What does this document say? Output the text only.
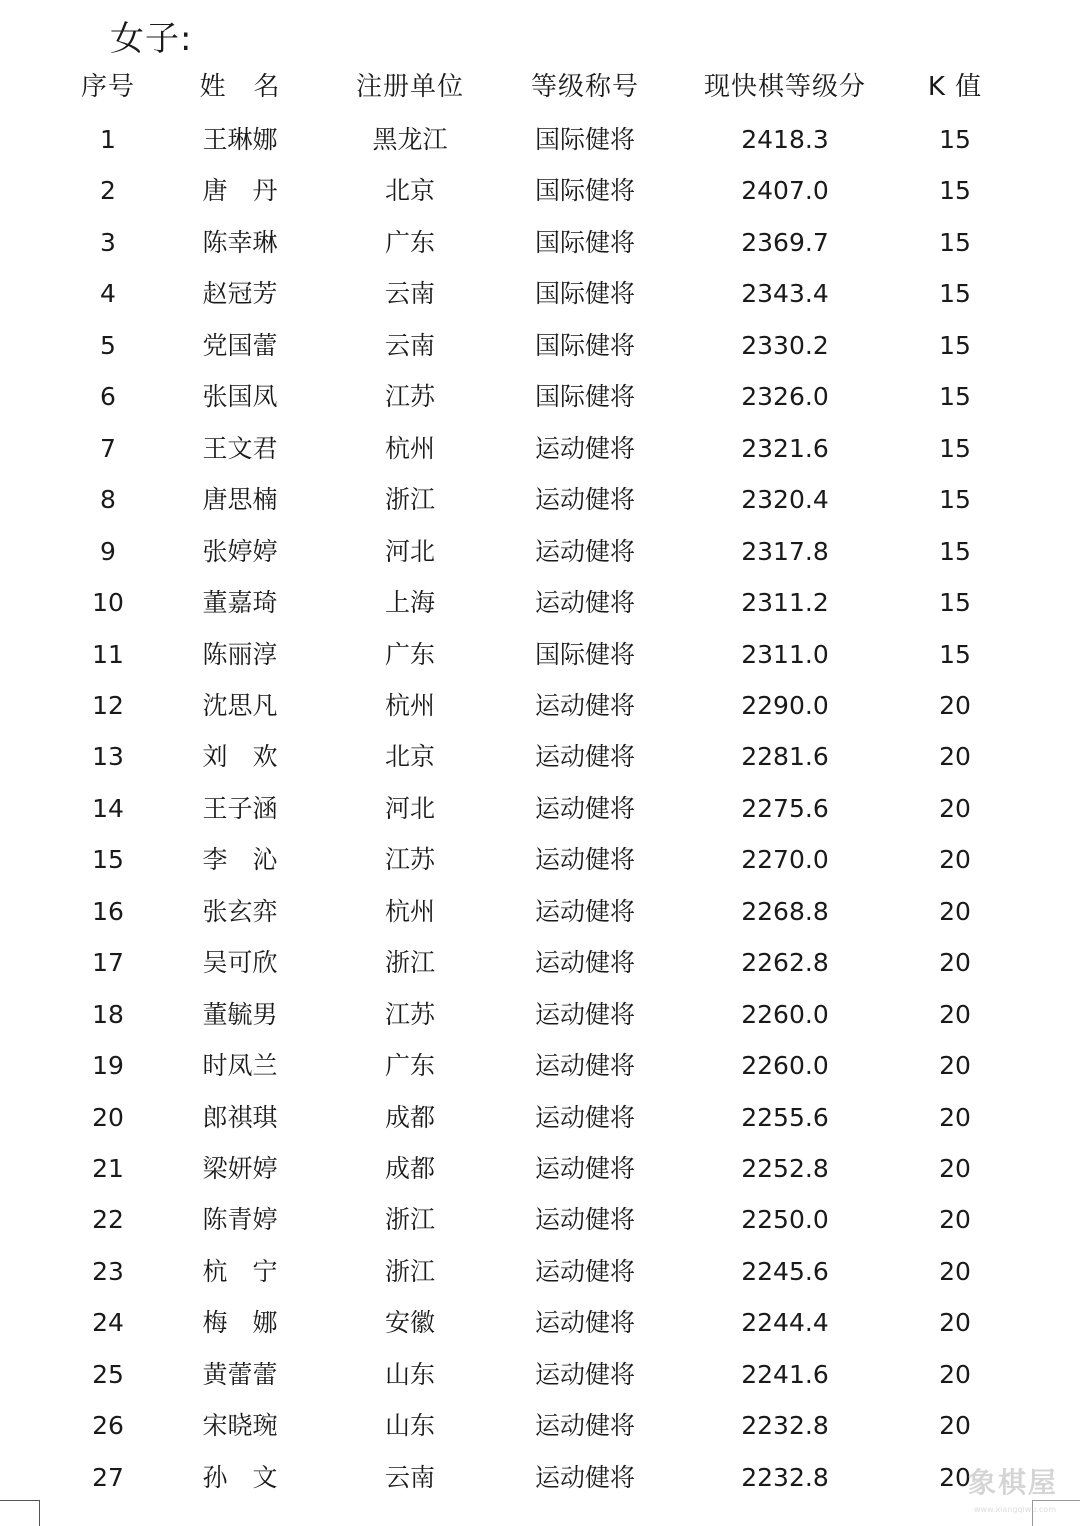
女子:
序号	姓　名	注册单位	等级称号	现快棋等级分	K 值
1	王琳娜	黑龙江	国际健将	2418.3	15
2	唐　丹	北京	国际健将	2407.0	15
3	陈幸琳	广东	国际健将	2369.7	15
4	赵冠芳	云南	国际健将	2343.4	15
5	党国蕾	云南	国际健将	2330.2	15
6	张国凤	江苏	国际健将	2326.0	15
7	王文君	杭州	运动健将	2321.6	15
8	唐思楠	浙江	运动健将	2320.4	15
9	张婷婷	河北	运动健将	2317.8	15
10	董嘉琦	上海	运动健将	2311.2	15
11	陈丽淳	广东	国际健将	2311.0	15
12	沈思凡	杭州	运动健将	2290.0	20
13	刘　欢	北京	运动健将	2281.6	20
14	王子涵	河北	运动健将	2275.6	20
15	李　沁	江苏	运动健将	2270.0	20
16	张玄弈	杭州	运动健将	2268.8	20
17	吴可欣	浙江	运动健将	2262.8	20
18	董毓男	江苏	运动健将	2260.0	20
19	时凤兰	广东	运动健将	2260.0	20
20	郎祺琪	成都	运动健将	2255.6	20
21	梁妍婷	成都	运动健将	2252.8	20
22	陈青婷	浙江	运动健将	2250.0	20
23	杭　宁	浙江	运动健将	2245.6	20
24	梅　娜	安徽	运动健将	2244.4	20
25	黄蕾蕾	山东	运动健将	2241.6	20
26	宋晓琬	山东	运动健将	2232.8	20
27	孙　文	云南	运动健将	2232.8	20
象棋屋
www.xiangqiwu.com
